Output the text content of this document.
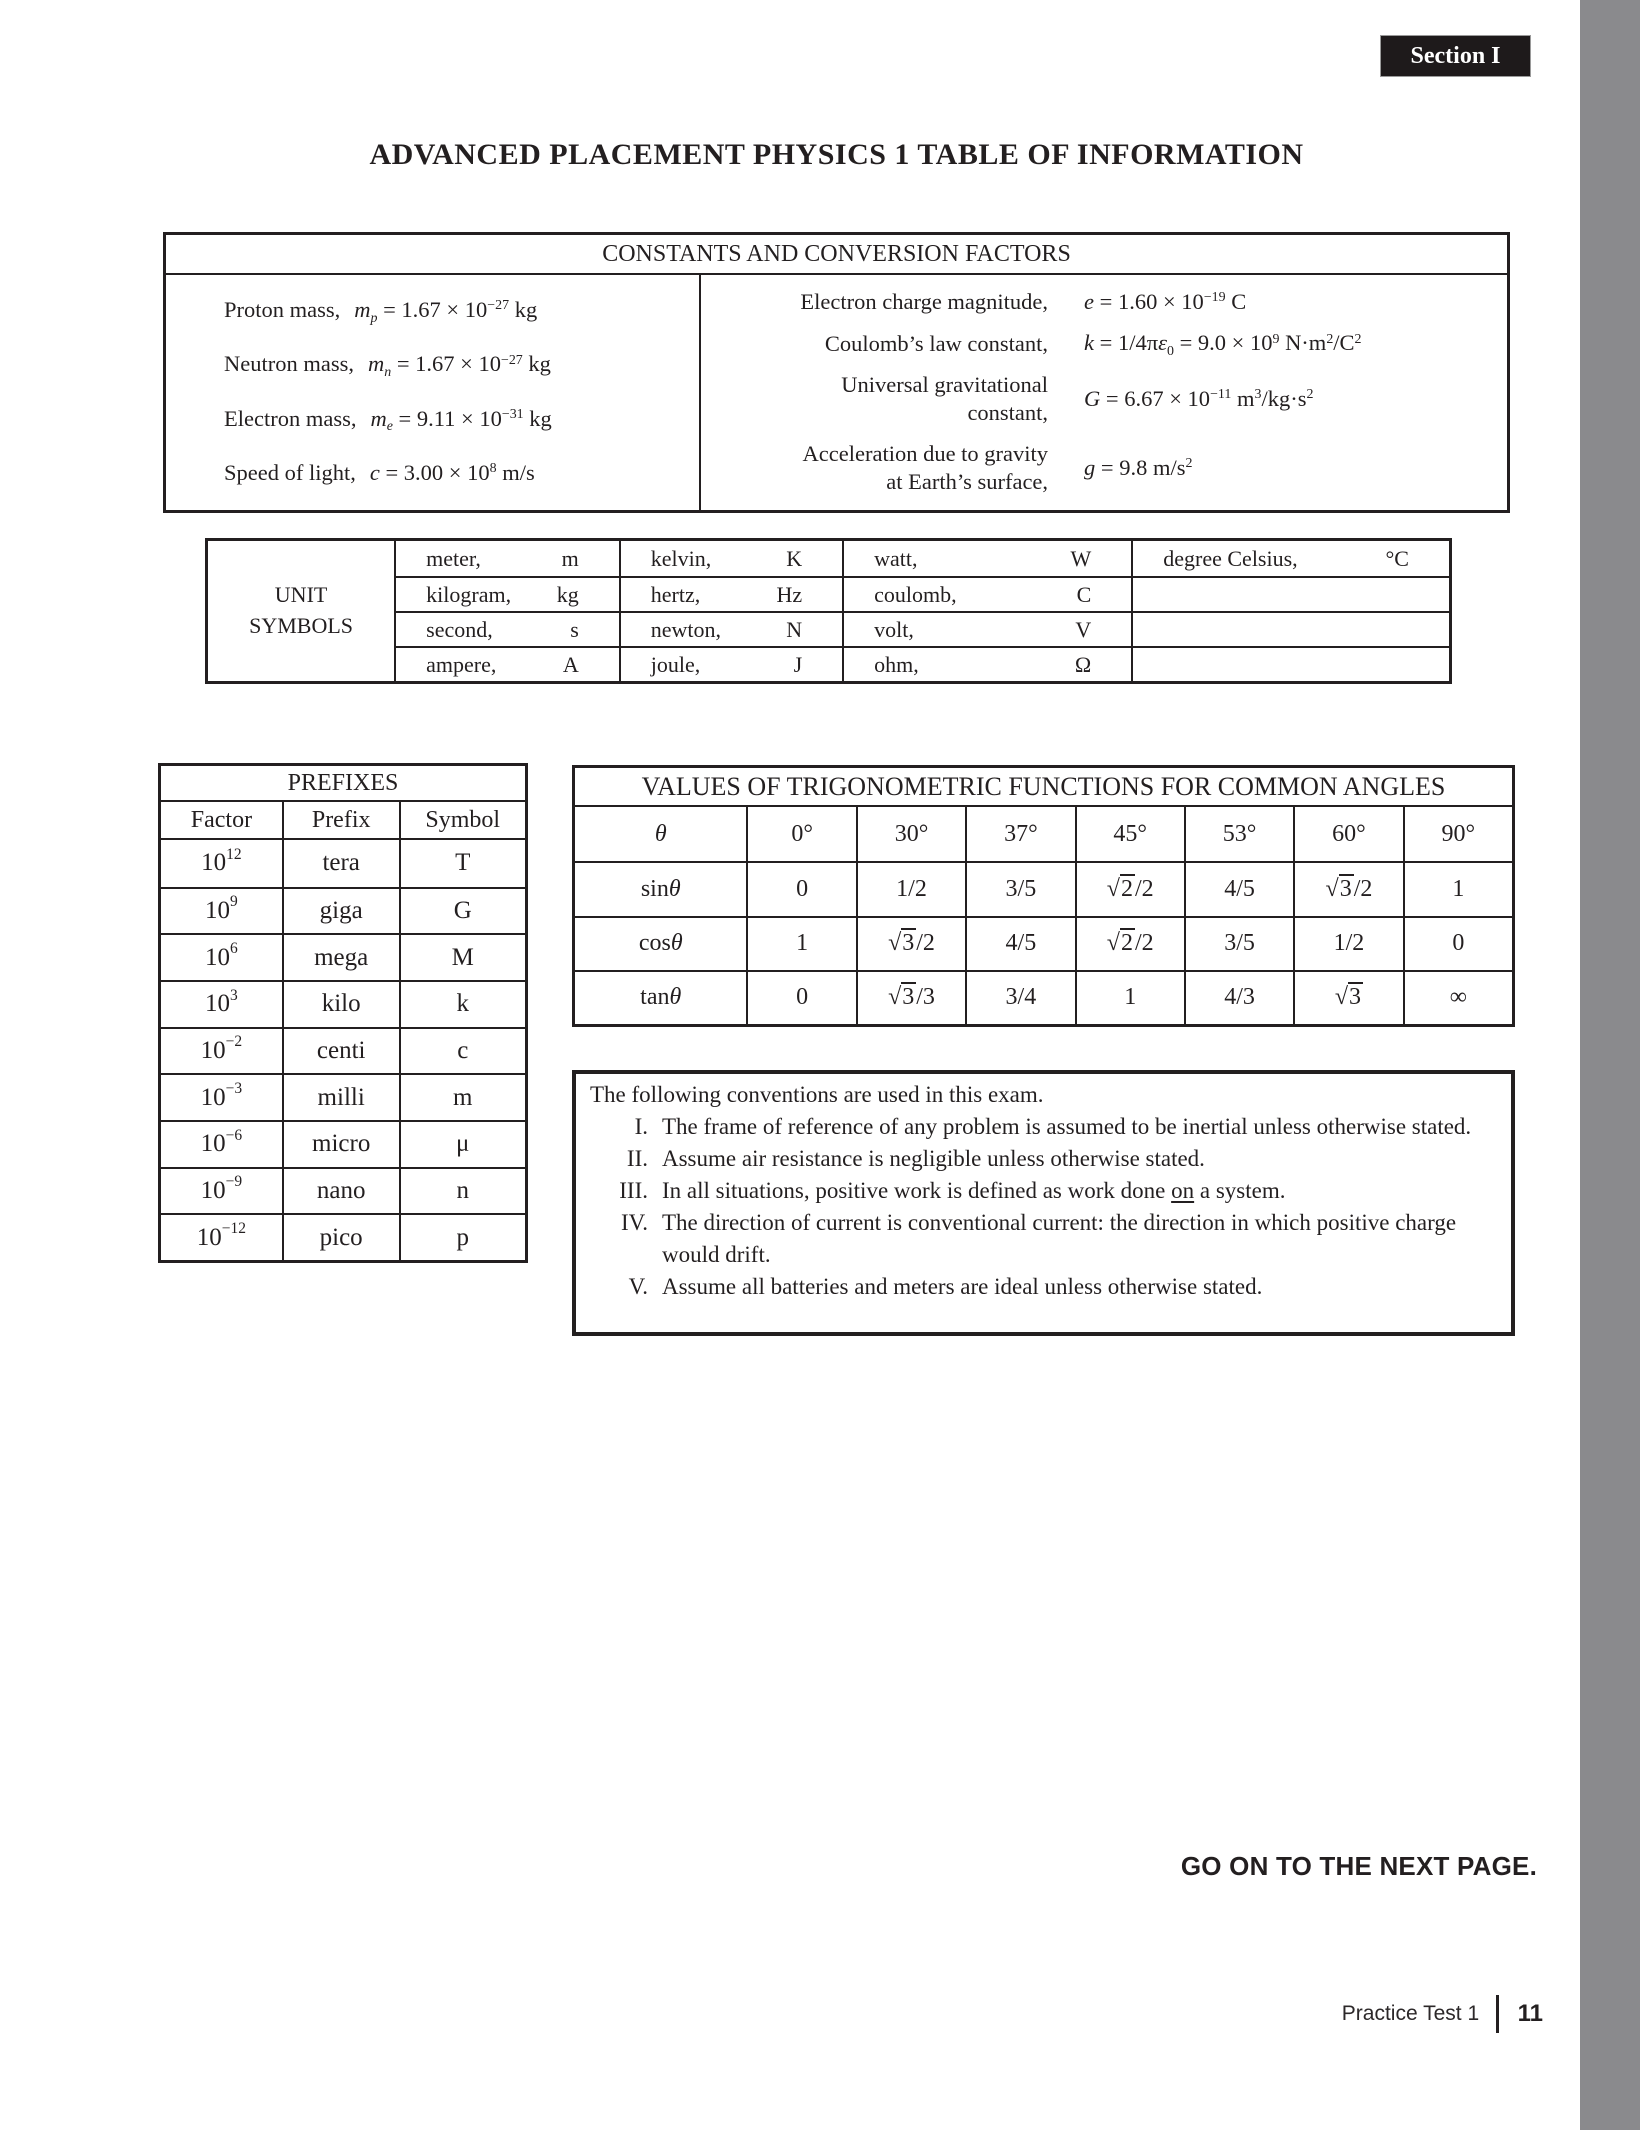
Section I
ADVANCED PLACEMENT PHYSICS 1 TABLE OF INFORMATION
CONSTANTS AND CONVERSION FACTORS
Proton mass, $m_p = 1.67 \times 10^{-27}$ kg
Neutron mass, $m_n = 1.67 \times 10^{-27}$ kg
Electron mass, $m_e = 9.11 \times 10^{-31}$ kg
Speed of light, $c = 3.00 \times 10^8$ m/s
Electron charge magnitude, $e = 1.60 \times 10^{-19}$ C
Coulomb’s law constant, $k = 1/4\pi\varepsilon_0 = 9.0 \times 10^9$ $N\cdot m^2/C^2$
Universal gravitational
constant,
$G = 6.67 \times 10^{-11}$ $m^3/kg\cdot s^2$
Acceleration due to gravity
at Earth’s surface,
g = 9.8 $m/s^2$
UNIT
SYMBOLS
meter,	m	kelvin,	K	watt,	W	degree Celsius,	°C
kilogram, kg	hertz,	Hz	coulomb,	C
second,	s	newton,	N	volt,	V
ampere,	A	joule,	J	ohm,	Ω
PREFIXES
Factor	Prefix	Symbol
$10^{12}$	tera	T
$10^9$	giga	G
$10^6$	mega	M
$10^3$	kilo	k
$10^{-2}$	centi	c
$10^{-3}$	milli	m
$10^{-6}$	micro	μ
$10^{-9}$	nano	n
$10^{-12}$	pico	p
VALUES OF TRIGONOMETRIC FUNCTIONS FOR COMMON ANGLES
θ	0°	30°	37°	45°	53°	60°	90°
sin θ	0	1/2	3/5	√2 /2	4/5	√3 /2	1
cos θ	1	√3 /2	4/5	√2 /2	3/5	1/2	0
tan θ	0	√3 /3	3/4	1	4/3	√3	∞
The following conventions are used in this exam.
I. The frame of reference of any problem is assumed to be inertial unless otherwise stated.
II. Assume air resistance is negligible unless otherwise stated.
III. In all situations, positive work is defined as work done on a system.
IV. The direction of current is conventional current: the direction in which positive charge would drift.
V. Assume all batteries and meters are ideal unless otherwise stated.
GO ON TO THE NEXT PAGE.
Practice Test 1 11
